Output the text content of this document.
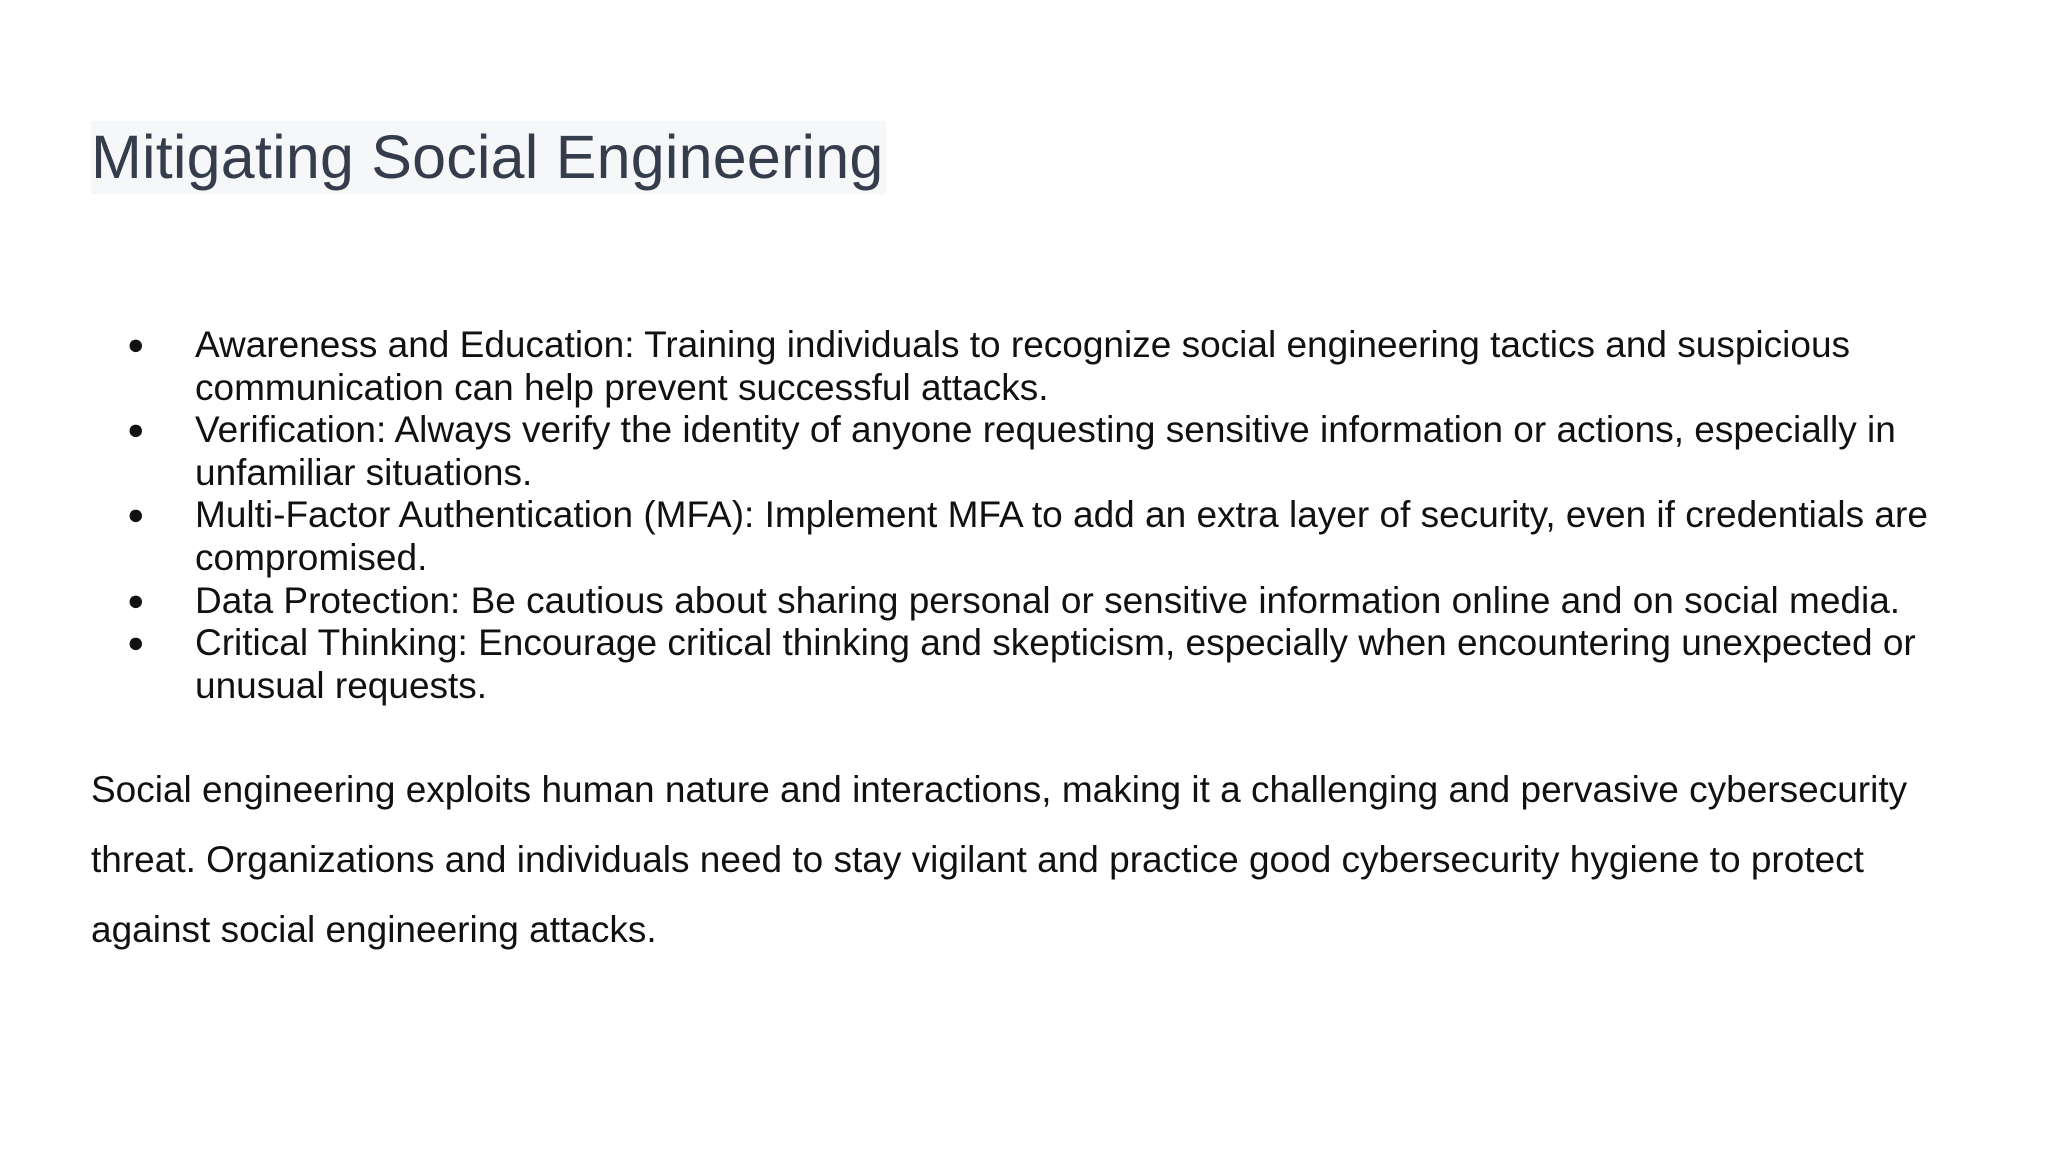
Mitigating Social Engineering
● Awareness and Education: Training individuals to recognize social engineering tactics and suspicious communication can help prevent successful attacks.
● Verification: Always verify the identity of anyone requesting sensitive information or actions, especially in unfamiliar situations.
● Multi-Factor Authentication (MFA): Implement MFA to add an extra layer of security, even if credentials are compromised.
● Data Protection: Be cautious about sharing personal or sensitive information online and on social media.
● Critical Thinking: Encourage critical thinking and skepticism, especially when encountering unexpected or unusual requests.

Social engineering exploits human nature and interactions, making it a challenging and pervasive cybersecurity threat. Organizations and individuals need to stay vigilant and practice good cybersecurity hygiene to protect against social engineering attacks.
